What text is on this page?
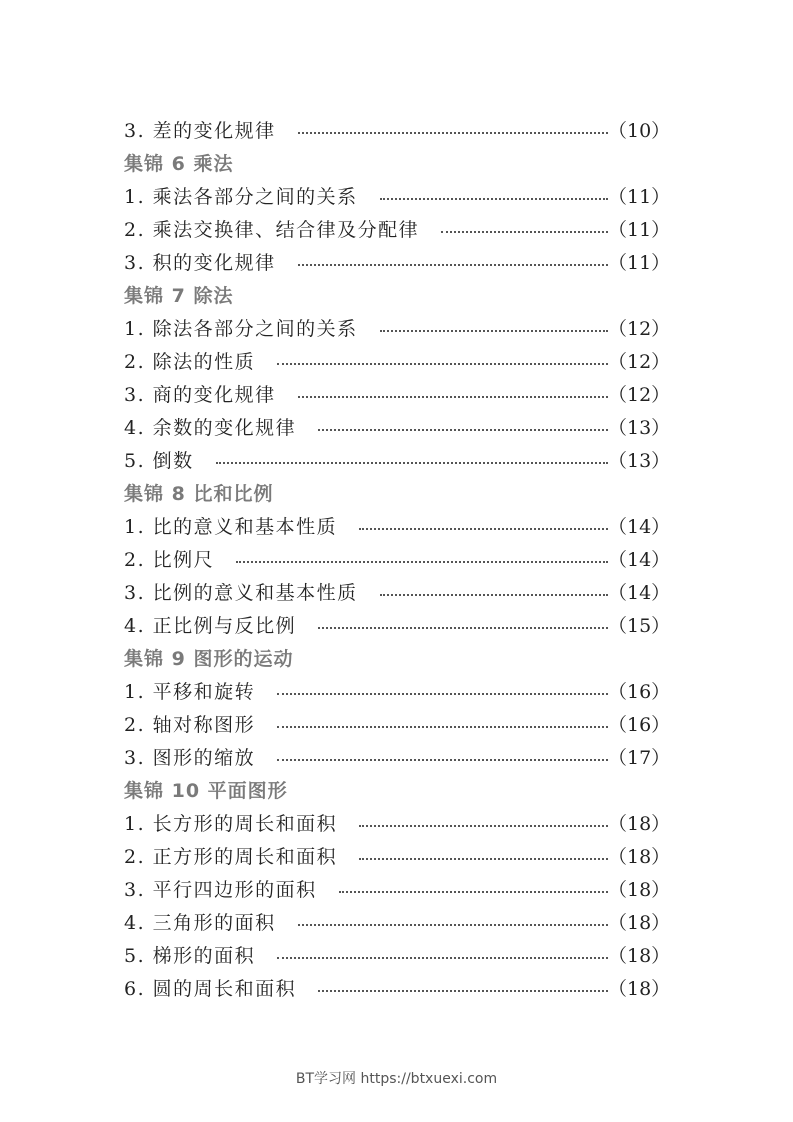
3. 差的变化规律	（10）
集锦 6 乘法
1. 乘法各部分之间的关系	（11）
2. 乘法交换律、结合律及分配律	（11）
3. 积的变化规律	（11）
集锦 7 除法
1. 除法各部分之间的关系	（12）
2. 除法的性质	（12）
3. 商的变化规律	（12）
4. 余数的变化规律	（13）
5. 倒数	（13）
集锦 8 比和比例
1. 比的意义和基本性质	（14）
2. 比例尺	（14）
3. 比例的意义和基本性质	（14）
4. 正比例与反比例	（15）
集锦 9 图形的运动
1. 平移和旋转	（16）
2. 轴对称图形	（16）
3. 图形的缩放	（17）
集锦 10 平面图形
1. 长方形的周长和面积	（18）
2. 正方形的周长和面积	（18）
3. 平行四边形的面积	（18）
4. 三角形的面积	（18）
5. 梯形的面积	（18）
6. 圆的周长和面积	（18）
BT学习网 https://btxuexi.com
